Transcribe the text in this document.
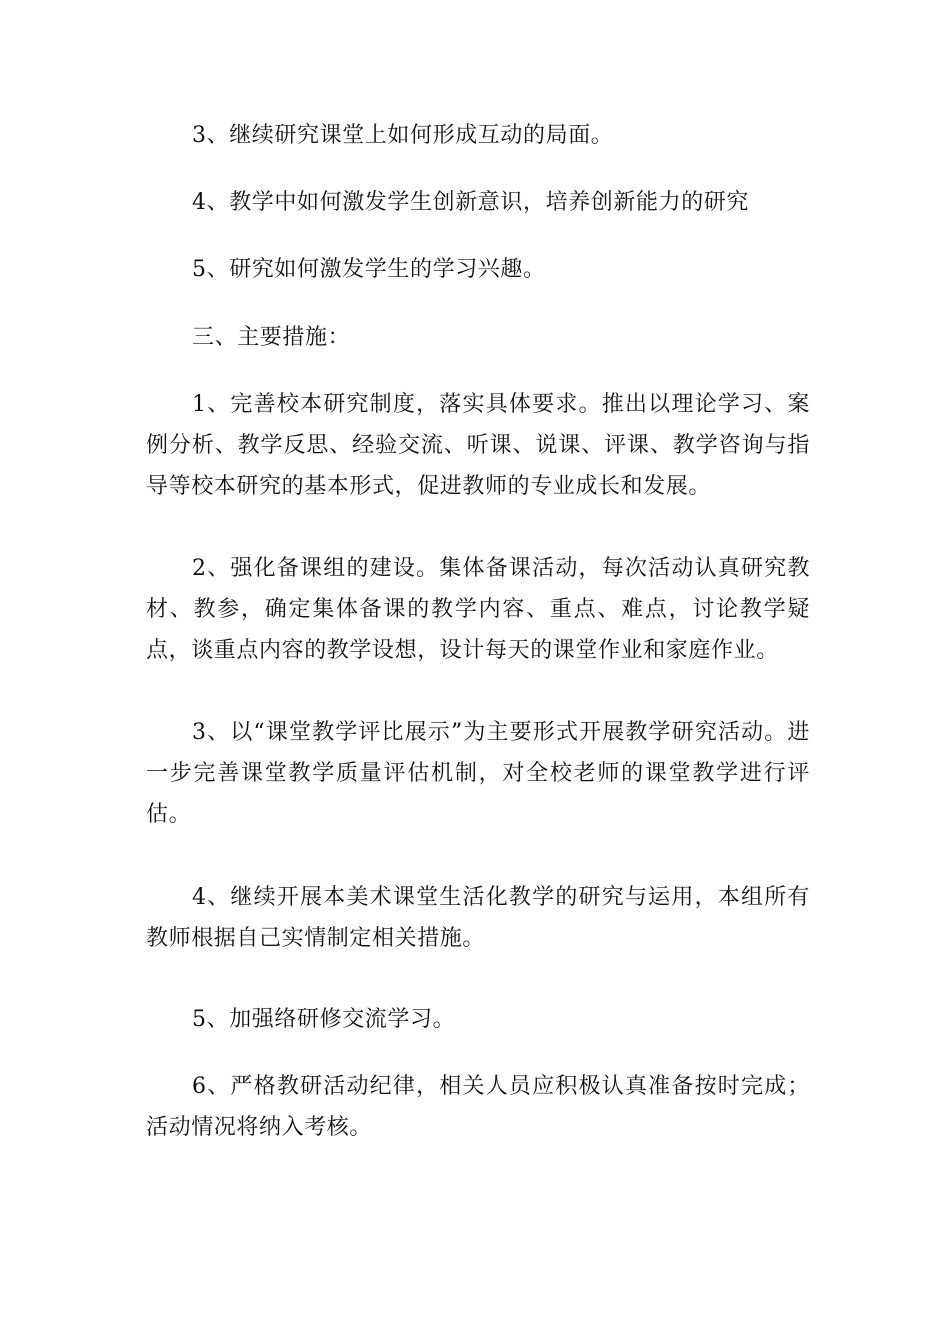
3、继续研究课堂上如何形成互动的局面。

4、教学中如何激发学生创新意识，培养创新能力的研究

5、研究如何激发学生的学习兴趣。

三、主要措施：

1、完善校本研究制度，落实具体要求。推出以理论学习、案例分析、教学反思、经验交流、听课、说课、评课、教学咨询与指导等校本研究的基本形式，促进教师的专业成长和发展。

2、强化备课组的建设。集体备课活动，每次活动认真研究教材、教参，确定集体备课的教学内容、重点、难点，讨论教学疑点，谈重点内容的教学设想，设计每天的课堂作业和家庭作业。

3、以“课堂教学评比展示”为主要形式开展教学研究活动。进一步完善课堂教学质量评估机制，对全校老师的课堂教学进行评估。

4、继续开展本美术课堂生活化教学的研究与运用，本组所有教师根据自己实情制定相关措施。

5、加强络研修交流学习。

6、严格教研活动纪律，相关人员应积极认真准备按时完成；活动情况将纳入考核。
